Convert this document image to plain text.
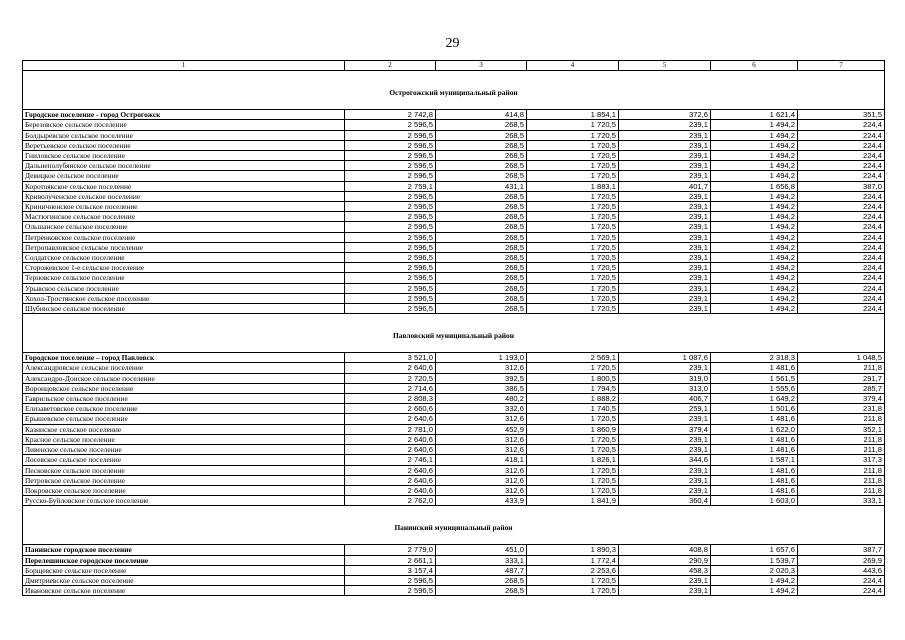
29
1	2	3	4	5	6	7
Острогожский муниципальный район						
Городское поселение - город Острогожск	2 742,8	414,8	1 854,1	372,6	1 621,4	351,5
Березовское сельское поселение	2 596,5	268,5	1 720,5	239,1	1 494,2	224,4
Болдыревское сельское поселение	2 596,5	268,5	1 720,5	239,1	1 494,2	224,4
Веретьевское сельское поселение	2 596,5	268,5	1 720,5	239,1	1 494,2	224,4
Гниловское сельское поселение	2 596,5	268,5	1 720,5	239,1	1 494,2	224,4
Дальнеполубянское сельское поселение	2 596,5	268,5	1 720,5	239,1	1 494,2	224,4
Девицкое сельское поселение	2 596,5	268,5	1 720,5	239,1	1 494,2	224,4
Коротоякское сельское поселение	2 759,1	431,1	1 883,1	401,7	1 656,8	387,0
Криволученское сельское поселение	2 596,5	268,5	1 720,5	239,1	1 494,2	224,4
Криничненское сельское поселение	2 596,5	268,5	1 720,5	239,1	1 494,2	224,4
Мастюгинское сельское поселение	2 596,5	268,5	1 720,5	239,1	1 494,2	224,4
Ольшанское сельское поселение	2 596,5	268,5	1 720,5	239,1	1 494,2	224,4
Петренковское сельское поселение	2 596,5	268,5	1 720,5	239,1	1 494,2	224,4
Петропавловское сельское поселение	2 596,5	268,5	1 720,5	239,1	1 494,2	224,4
Солдатское сельское поселение	2 596,5	268,5	1 720,5	239,1	1 494,2	224,4
Сторожевское 1-е сельское поселение	2 596,5	268,5	1 720,5	239,1	1 494,2	224,4
Терновское сельское поселение	2 596,5	268,5	1 720,5	239,1	1 494,2	224,4
Урывское сельское поселение	2 596,5	268,5	1 720,5	239,1	1 494,2	224,4
Хохол-Тростянское сельское поселение	2 596,5	268,5	1 720,5	239,1	1 494,2	224,4
Шубинское сельское поселение	2 596,5	268,5	1 720,5	239,1	1 494,2	224,4
Павловский муниципальный район						
Городское поселение – город Павловск	3 521,0	1 193,0	2 569,1	1 087,6	2 318,3	1 048,5
Александровское сельское поселение	2 640,6	312,6	1 720,5	239,1	1 481,6	211,8
Александро-Донское сельское поселение	2 720,5	392,5	1 800,5	319,0	1 561,5	291,7
Воронцовское сельское поселение	2 714,6	386,5	1 794,5	313,0	1 555,6	285,7
Гаврильское сельское поселение	2 808,3	480,2	1 888,2	406,7	1 649,2	379,4
Елизаветовское сельское поселение	2 660,6	332,6	1 740,5	259,1	1 501,6	231,8
Ерышевское сельское поселение	2 640,6	312,6	1 720,5	239,1	1 481,6	211,8
Казинское сельское поселение	2 781,0	452,9	1 860,9	379,4	1 622,0	352,1
Красное сельское поселение	2 640,6	312,6	1 720,5	239,1	1 481,6	211,8
Ливенское сельское поселение	2 640,6	312,6	1 720,5	239,1	1 481,6	211,8
Лосевское сельское поселение	2 746,1	418,1	1 826,1	344,6	1 587,1	317,3
Песковское сельское поселение	2 640,6	312,6	1 720,5	239,1	1 481,6	211,8
Петровское сельское поселение	2 640,6	312,6	1 720,5	239,1	1 481,6	211,8
Покровское сельское поселение	2 640,6	312,6	1 720,5	239,1	1 481,6	211,8
Русско-Буйловское сельское поселение	2 762,0	433,9	1 841,9	360,4	1 603,0	333,1
Панинский муниципальный район						
Панинское городское поселение	2 779,0	451,0	1 890,3	408,8	1 657,6	387,7
Перелешинское городское поселение	2 661,1	333,1	1 772,4	290,9	1 539,7	269,9
Борщевское сельское поселение	3 157,4	487,7	2 253,6	458,3	2 020,3	443,6
Дмитриевское сельское поселение	2 596,5	268,5	1 720,5	239,1	1 494,2	224,4
Ивановское сельское поселение	2 596,5	268,5	1 720,5	239,1	1 494,2	224,4
